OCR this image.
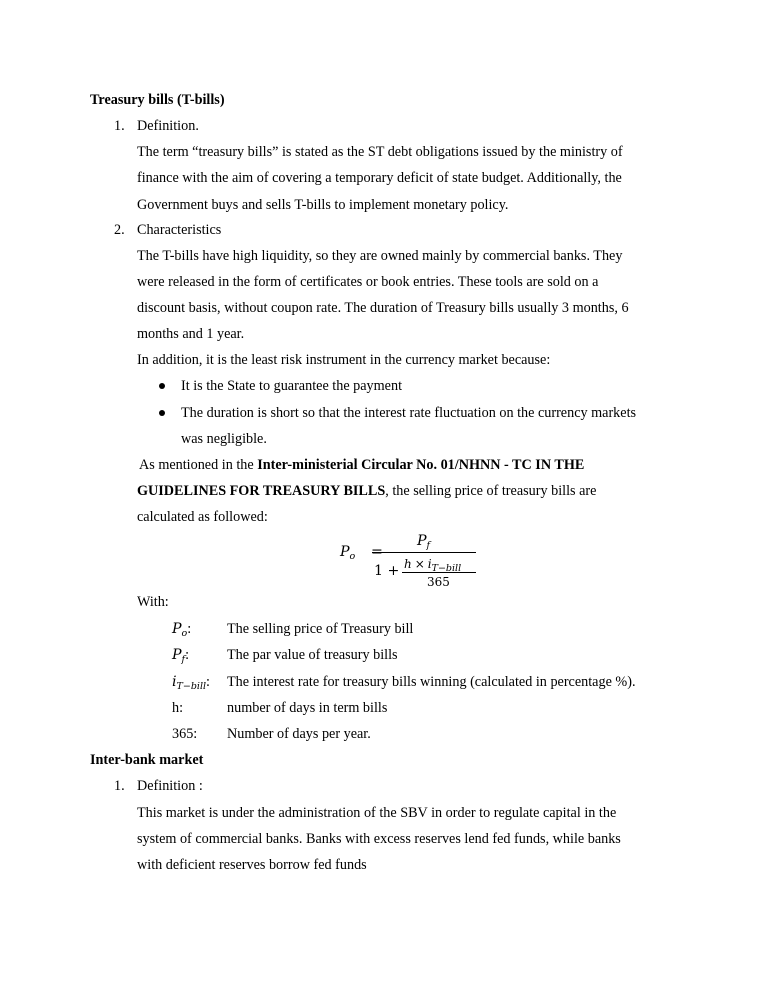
Treasury bills (T-bills)
1. Definition.
The term “treasury bills” is stated as the ST debt obligations issued by the ministry of
finance with the aim of covering a temporary deficit of state budget. Additionally, the
Government buys and sells T-bills to implement monetary policy.
2. Characteristics
The T-bills have high liquidity, so they are owned mainly by commercial banks. They
were released in the form of certificates or book entries. These tools are sold on a
discount basis, without coupon rate. The duration of Treasury bills usually 3 months, 6
months and 1 year.
In addition, it is the least risk instrument in the currency market because:
It is the State to guarantee the payment
The duration is short so that the interest rate fluctuation on the currency markets
was negligible.
As mentioned in the Inter-ministerial Circular No. 01/NHNN - TC IN THE
GUIDELINES FOR TREASURY BILLS, the selling price of treasury bills are
calculated as followed:
$P_o$ =
$P_f$
$1 + h \times i_{T-bill}$
365
With:
$P_o$:	The selling price of Treasury bill
$P_f$:	The par value of treasury bills
$i_{T-bill}$: The interest rate for treasury bills winning (calculated in percentage %).
h:	number of days in term bills
365: Number of days per year.
Inter-bank market
1. Definition :
This market is under the administration of the SBV in order to regulate capital in the
system of commercial banks. Banks with excess reserves lend fed funds, while banks
with deficient reserves borrow fed funds
